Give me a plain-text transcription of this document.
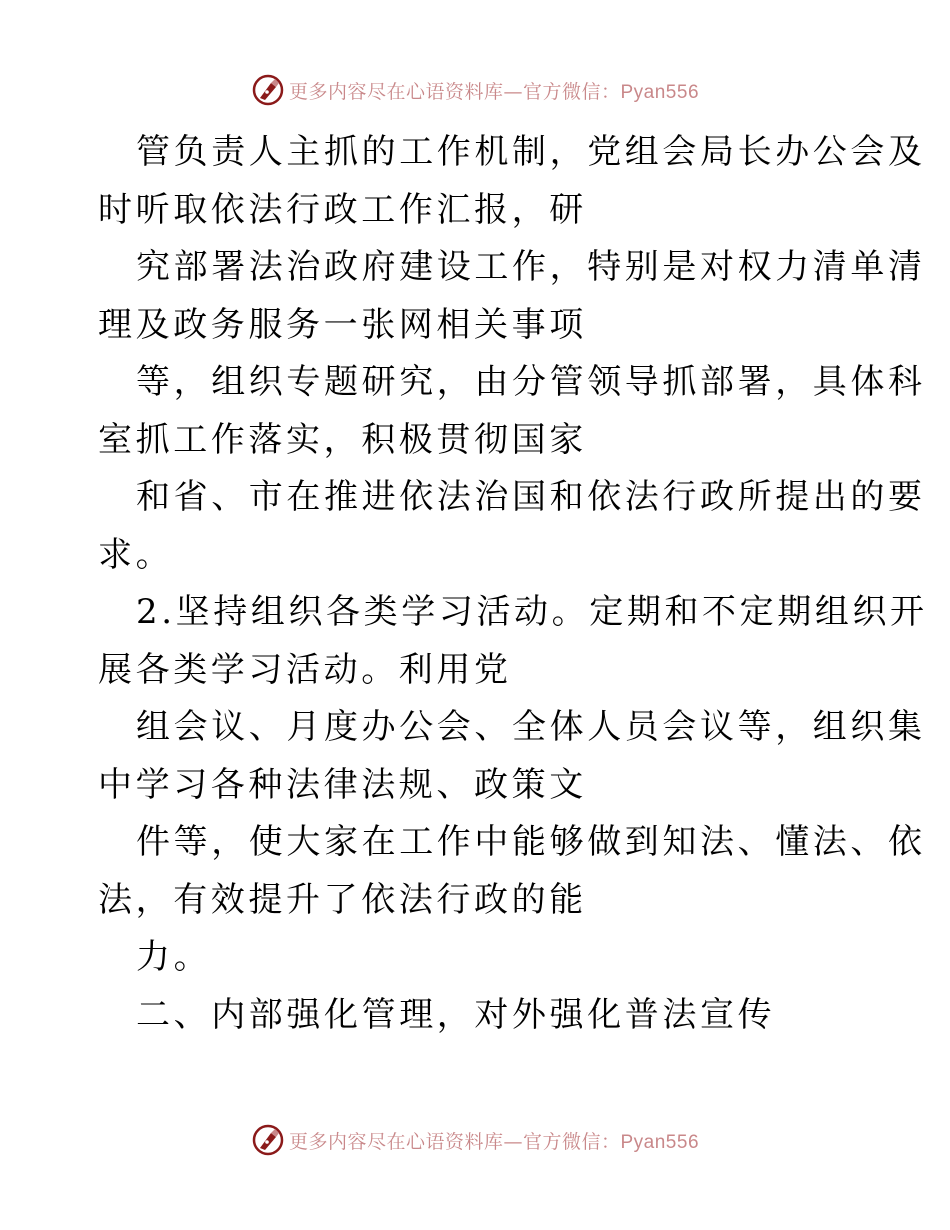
更多内容尽在心语资料库—官方微信：Pyan556
管负责人主抓的工作机制，党组会局长办公会及
时听取依法行政工作汇报，研
究部署法治政府建设工作，特别是对权力清单清
理及政务服务一张网相关事项
等，组织专题研究，由分管领导抓部署，具体科
室抓工作落实，积极贯彻国家
和省、市在推进依法治国和依法行政所提出的要
求。
2.坚持组织各类学习活动。定期和不定期组织开
展各类学习活动。利用党
组会议、月度办公会、全体人员会议等，组织集
中学习各种法律法规、政策文
件等，使大家在工作中能够做到知法、懂法、依
法，有效提升了依法行政的能
力。
二、内部强化管理，对外强化普法宣传
更多内容尽在心语资料库—官方微信：Pyan556
